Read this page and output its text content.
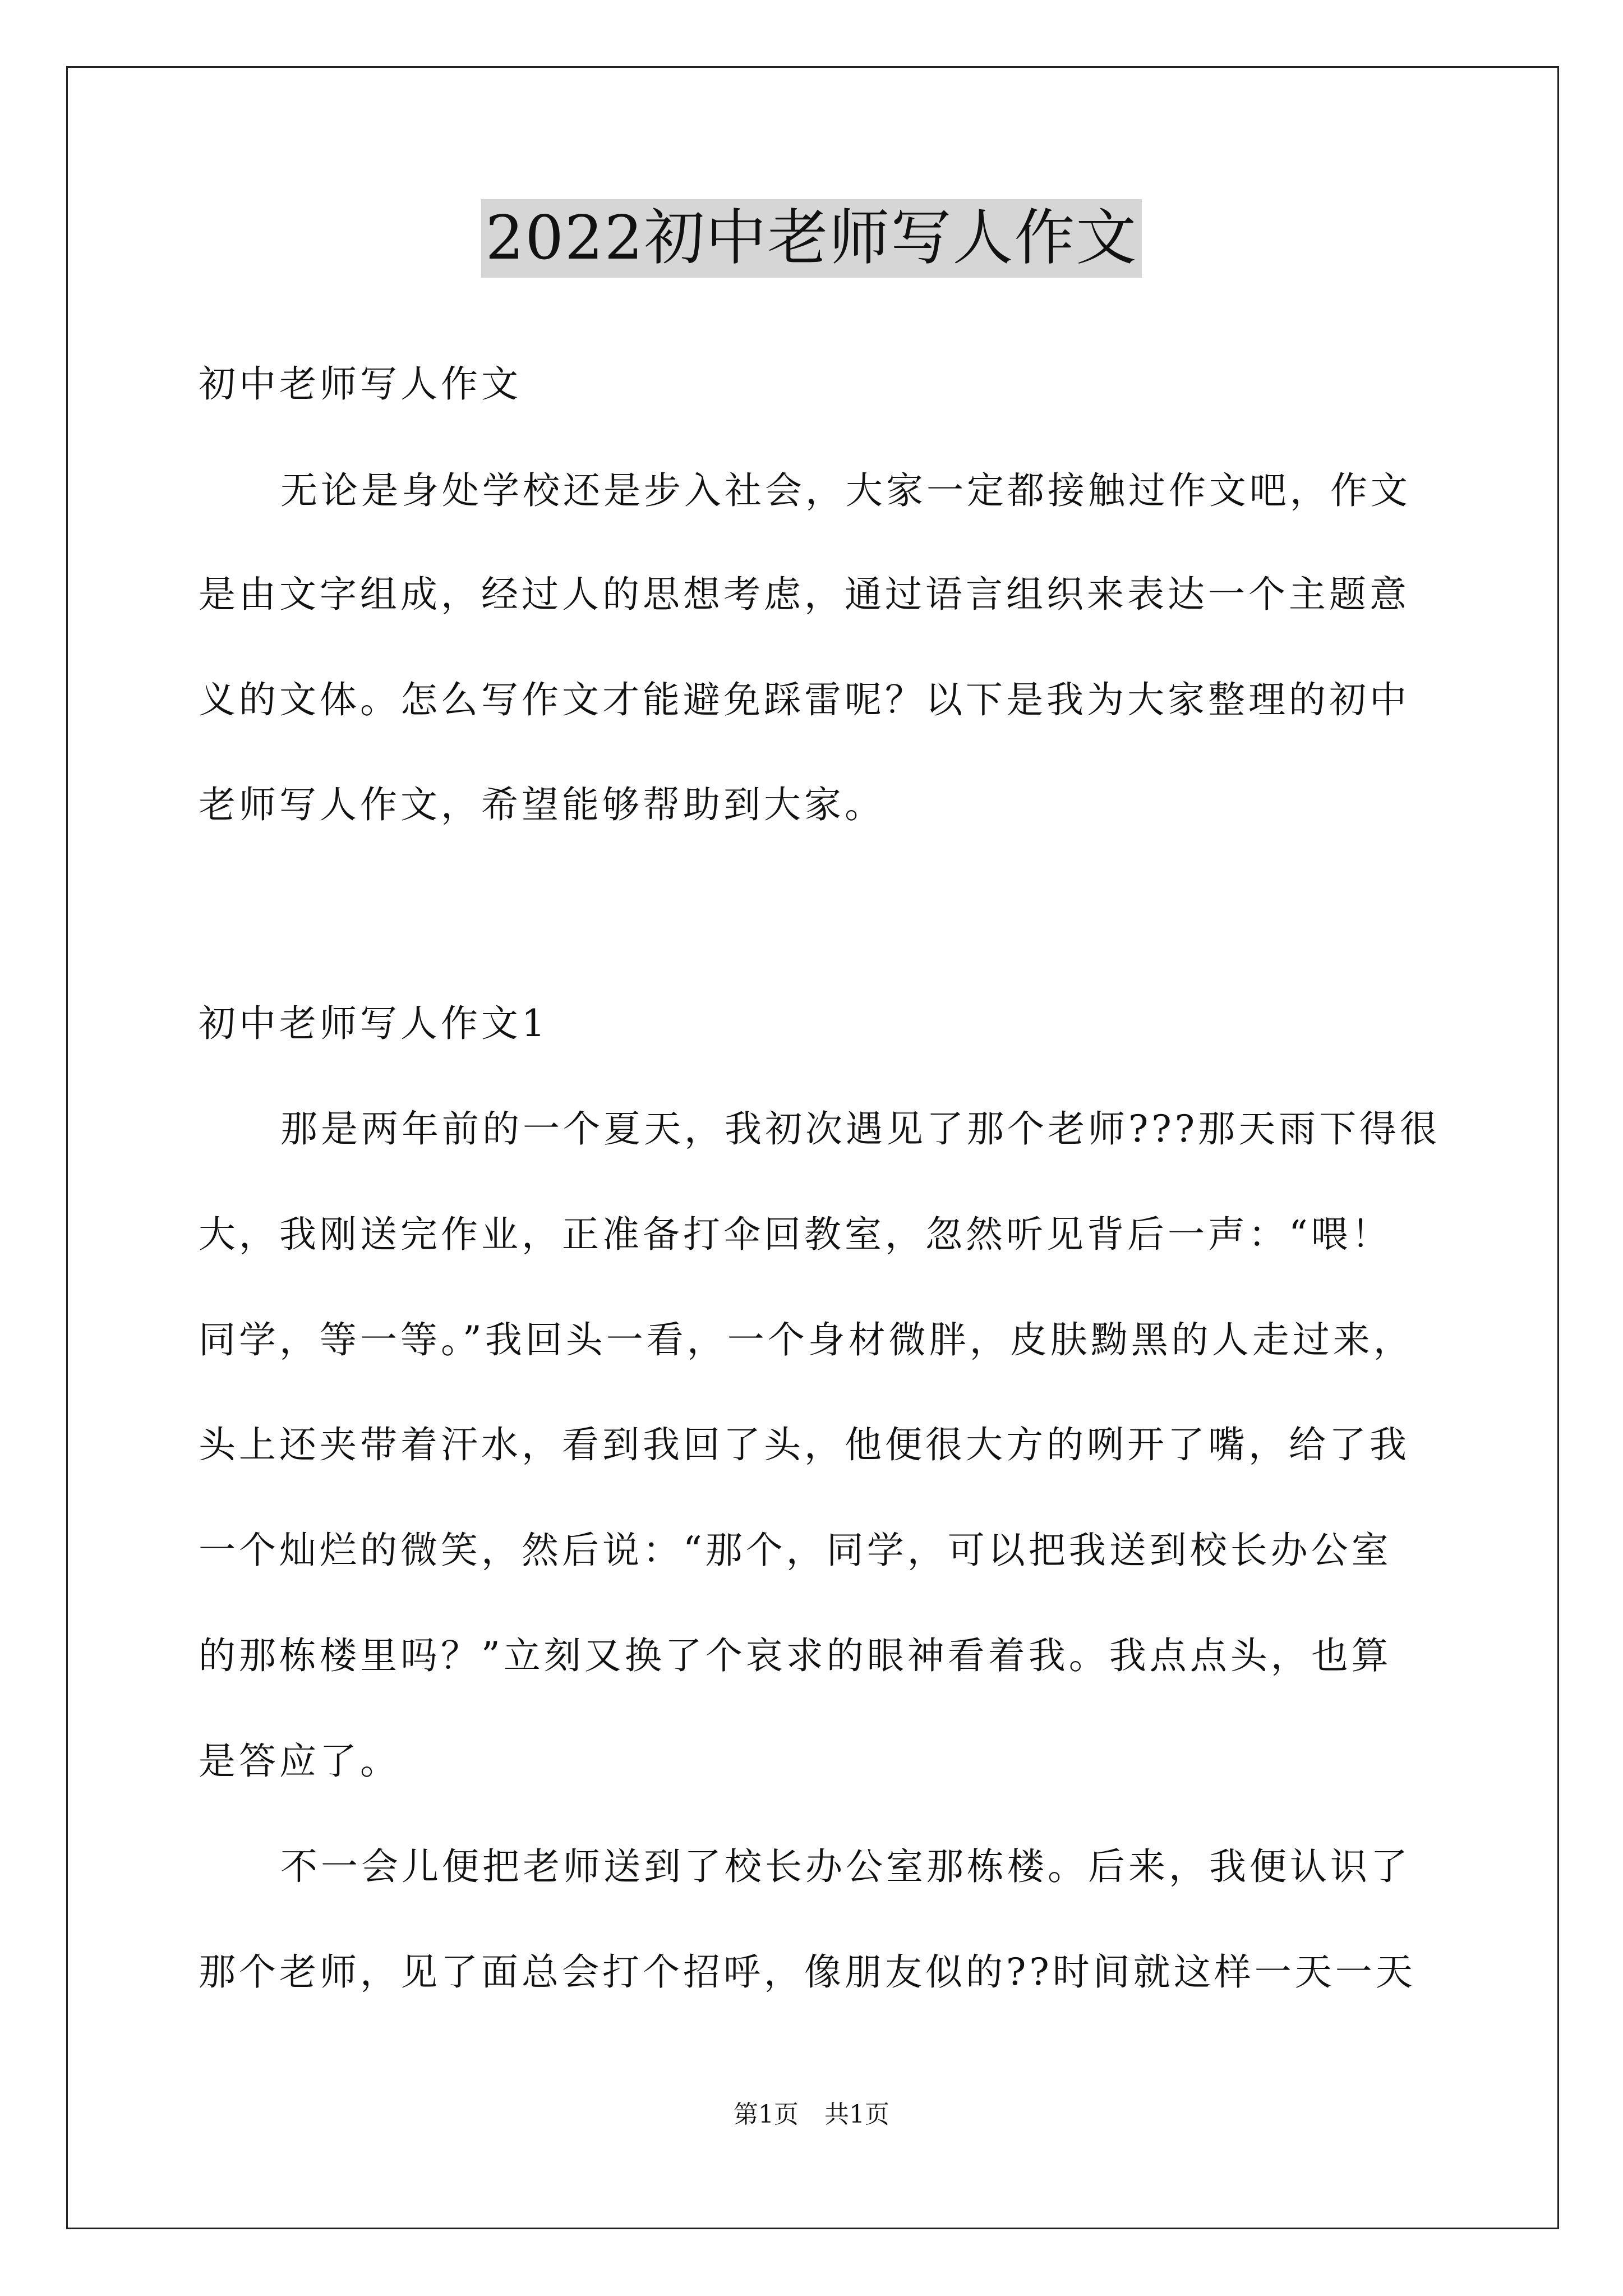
2022初中老师写人作文
初中老师写人作文
无论是身处学校还是步入社会，大家一定都接触过作文吧，作文
是由文字组成，经过人的思想考虑，通过语言组织来表达一个主题意
义的文体。怎么写作文才能避免踩雷呢？以下是我为大家整理的初中
老师写人作文，希望能够帮助到大家。
初中老师写人作文1
那是两年前的一个夏天，我初次遇见了那个老师???那天雨下得很
大，我刚送完作业，正准备打伞回教室，忽然听见背后一声：“喂！
同学，等一等。”我回头一看，一个身材微胖，皮肤黝黑的人走过来，
头上还夹带着汗水，看到我回了头，他便很大方的咧开了嘴，给了我
一个灿烂的微笑，然后说：“那个，同学，可以把我送到校长办公室
的那栋楼里吗？”立刻又换了个哀求的眼神看着我。我点点头，也算
是答应了。
不一会儿便把老师送到了校长办公室那栋楼。后来，我便认识了
那个老师，见了面总会打个招呼，像朋友似的??时间就这样一天一天
第1页 共1页
